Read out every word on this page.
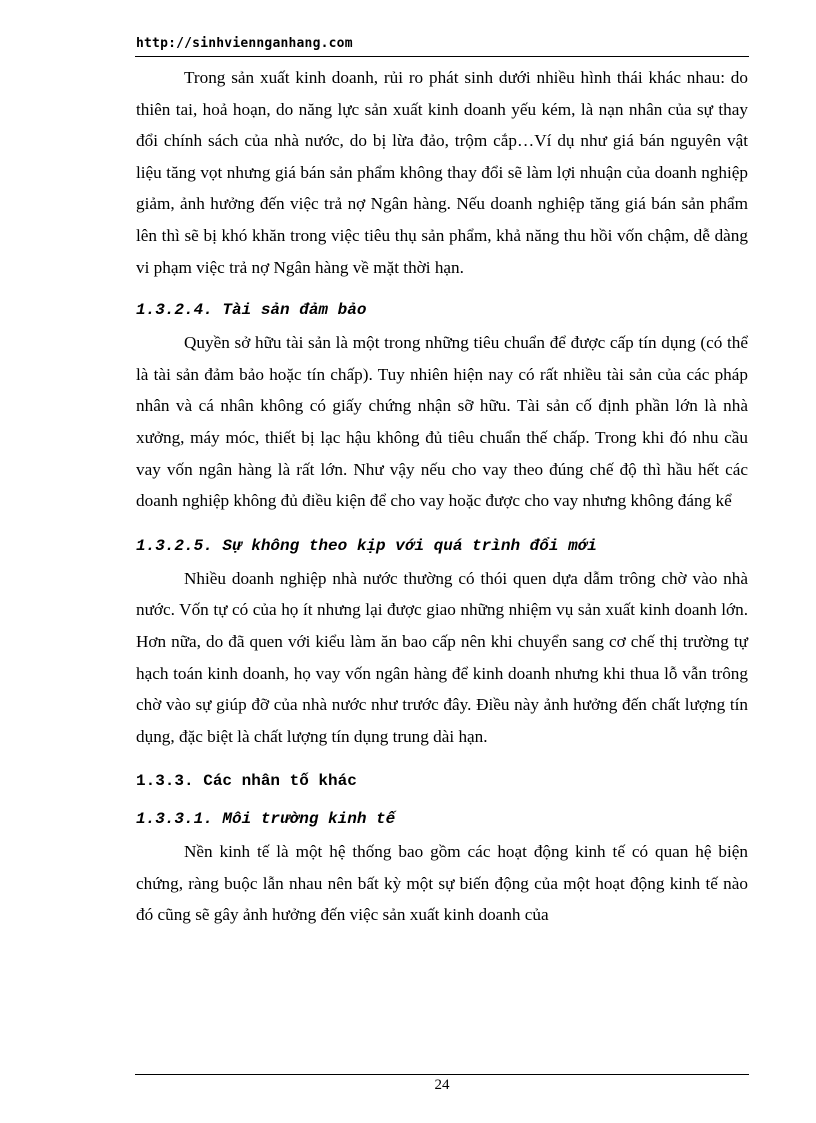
http://sinhviennganhang.com

Trong sản xuất kinh doanh, rủi ro phát sinh dưới nhiều hình thái khác nhau: do thiên tai, hoả hoạn, do năng lực sản xuất kinh doanh yếu kém, là nạn nhân của sự thay đổi chính sách của nhà nước, do bị lừa đảo, trộm cắp…Ví dụ như giá bán nguyên vật liệu tăng vọt nhưng giá bán sản phẩm không thay đổi sẽ làm lợi nhuận của doanh nghiệp giảm, ảnh hưởng đến việc trả nợ Ngân hàng. Nếu doanh nghiệp tăng giá bán sản phẩm lên thì sẽ bị khó khăn trong việc tiêu thụ sản phẩm, khả năng thu hồi vốn chậm, dễ dàng vi phạm việc trả nợ Ngân hàng về mặt thời hạn.

1.3.2.4. Tài sản đảm bảo

Quyền sở hữu tài sản là một trong những tiêu chuẩn để được cấp tín dụng (có thể là tài sản đảm bảo hoặc tín chấp). Tuy nhiên hiện nay có rất nhiều tài sản của các pháp nhân và cá nhân không có giấy chứng nhận sỡ hữu. Tài sản cố định phần lớn là nhà xưởng, máy móc, thiết bị lạc hậu không đủ tiêu chuẩn thế chấp. Trong khi đó nhu cầu vay vốn ngân hàng là rất lớn. Như vậy nếu cho vay theo đúng chế độ thì hầu hết các doanh nghiệp không đủ điều kiện để cho vay hoặc được cho vay nhưng không đáng kể

1.3.2.5. Sự không theo kịp với quá trình đổi mới

Nhiều doanh nghiệp nhà nước thường có thói quen dựa dẫm trông chờ vào nhà nước. Vốn tự có của họ ít nhưng lại được giao những nhiệm vụ sản xuất kinh doanh lớn. Hơn nữa, do đã quen với kiểu làm ăn bao cấp nên khi chuyển sang cơ chế thị trường tự hạch toán kinh doanh, họ vay vốn ngân hàng để kinh doanh nhưng khi thua lỗ vẫn trông chờ vào sự giúp đỡ của nhà nước như trước đây. Điều này ảnh hưởng đến chất lượng tín dụng, đặc biệt là chất lượng tín dụng trung dài hạn.

1.3.3. Các nhân tố khác
1.3.3.1. Môi trường kinh tế

Nền kinh tế là một hệ thống bao gồm các hoạt động kinh tế có quan hệ biện chứng, ràng buộc lẫn nhau nên bất kỳ một sự biến động của một hoạt động kinh tế nào đó cũng sẽ gây ảnh hưởng đến việc sản xuất kinh doanh của

24
